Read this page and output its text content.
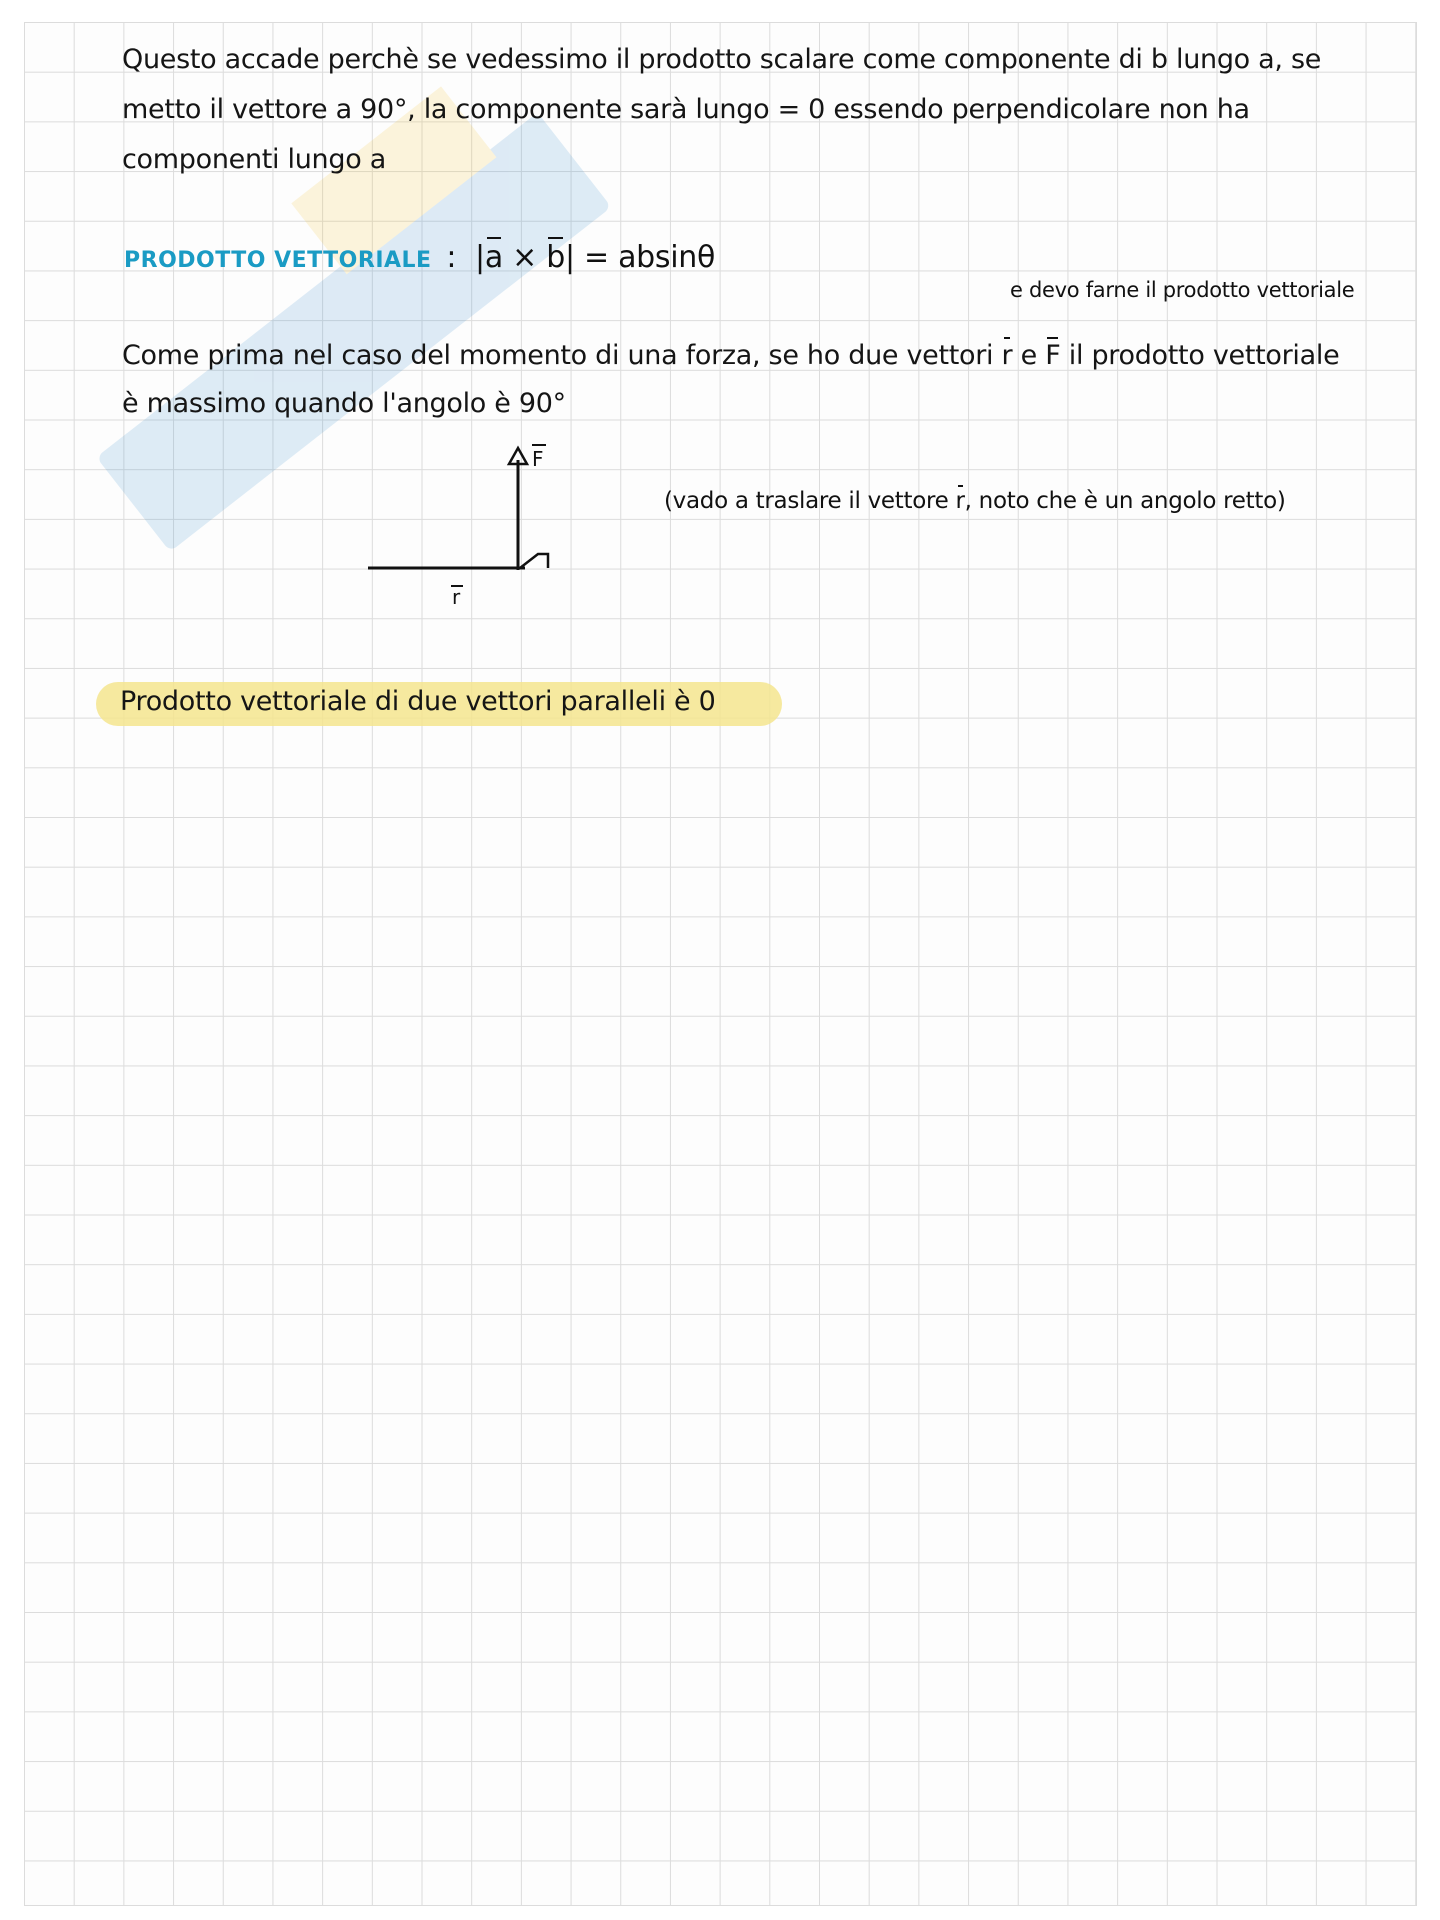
Questo accade perchè se vedessimo il prodotto scalare come componente di b lungo a, se
metto il vettore a 90°, la componente sarà lungo = 0 essendo perpendicolare non ha
componenti lungo a
PRODOTTO VETTORIALE : |a × b| = absinθ
e devo farne il prodotto vettoriale
Come prima nel caso del momento di una forza, se ho due vettori r e F il prodotto vettoriale
è massimo quando l'angolo è 90°
F
r
(vado a traslare il vettore r, noto che è un angolo retto)
Prodotto vettoriale di due vettori paralleli è 0
